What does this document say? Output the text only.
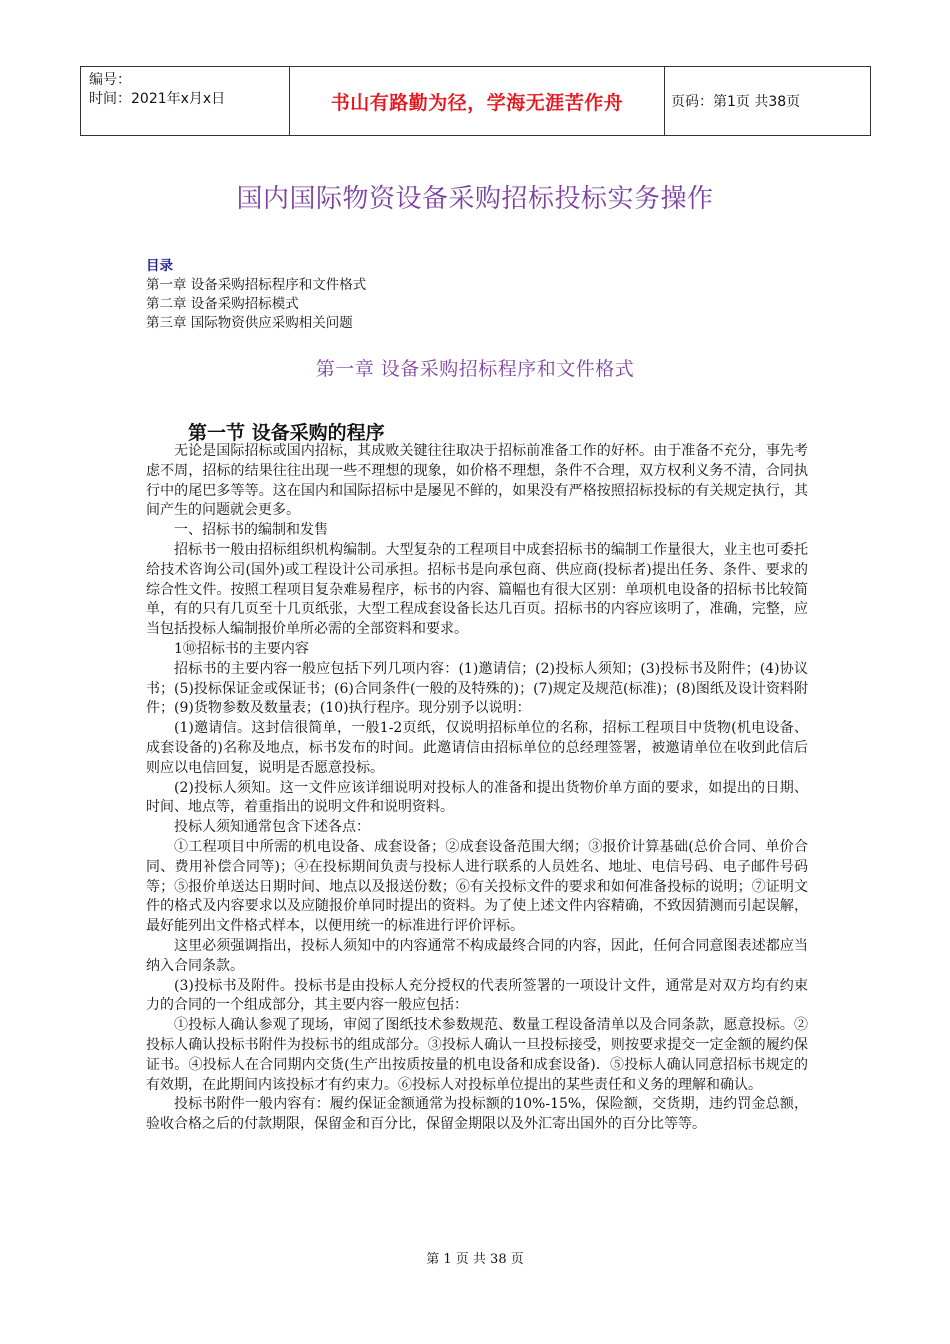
编号：
时间：2021年x月x日	书山有路勤为径，学海无涯苦作舟	页码：第1页 共38页
国内国际物资设备采购招标投标实务操作
目录
第一章 设备采购招标程序和文件格式
第二章 设备采购招标模式
第三章 国际物资供应采购相关问题
第一章 设备采购招标程序和文件格式
第一节 设备采购的程序

无论是国际招标或国内招标，其成败关键往往取决于招标前准备工作的好杯。由于准备不充分，事先考虑不周，招标的结果往往出现一些不理想的现象，如价格不理想，条件不合理，双方权利义务不清，合同执行中的尾巴多等等。这在国内和国际招标中是屡见不鲜的，如果没有严格按照招标投标的有关规定执行，其间产生的问题就会更多。

一、招标书的编制和发售

招标书一般由招标组织机构编制。大型复杂的工程项目中成套招标书的编制工作量很大，业主也可委托给技术咨询公司(国外)或工程设计公司承担。招标书是向承包商、供应商(投标者)提出任务、条件、要求的综合性文件。按照工程项目复杂难易程序，标书的内容、篇幅也有很大区别：单项机电设备的招标书比较简单，有的只有几页至十几页纸张，大型工程成套设备长达几百页。招标书的内容应该明了，准确，完整，应当包括投标人编制报价单所必需的全部资料和要求。

1⑩招标书的主要内容

招标书的主要内容一般应包括下列几项内容：(1)邀请信；(2)投标人须知；(3)投标书及附件；(4)协议书；(5)投标保证金或保证书；(6)合同条件(一般的及特殊的)；(7)规定及规范(标准)；(8)图纸及设计资料附件；(9)货物参数及数量表；(10)执行程序。现分别予以说明：

(1)邀请信。这封信很简单，一般1-2页纸，仅说明招标单位的名称，招标工程项目中货物(机电设备、成套设备的)名称及地点，标书发布的时间。此邀请信由招标单位的总经理签署，被邀请单位在收到此信后则应以电信回复，说明是否愿意投标。

(2)投标人须知。这一文件应该详细说明对投标人的准备和提出货物价单方面的要求，如提出的日期、时间、地点等，着重指出的说明文件和说明资料。

投标人须知通常包含下述各点：

①工程项目中所需的机电设备、成套设备；②成套设备范围大纲；③报价计算基础(总价合同、单价合同、费用补偿合同等)；④在投标期间负责与投标人进行联系的人员姓名、地址、电信号码、电子邮件号码等；⑤报价单送达日期时间、地点以及报送份数；⑥有关投标文件的要求和如何准备投标的说明；⑦证明文件的格式及内容要求以及应随报价单同时提出的资料。为了使上述文件内容精确，不致因猜测而引起误解，最好能列出文件格式样本，以便用统一的标准进行评价评标。

这里必须强调指出，投标人须知中的内容通常不构成最终合同的内容，因此，任何合同意图表述都应当纳入合同条款。

(3)投标书及附件。投标书是由投标人充分授权的代表所签署的一项设计文件，通常是对双方均有约束力的合同的一个组成部分，其主要内容一般应包括：

①投标人确认参观了现场，审阅了图纸技术参数规范、数量工程设备清单以及合同条款，愿意投标。②投标人确认投标书附件为投标书的组成部分。③投标人确认一旦投标接受，则按要求提交一定金额的履约保证书。④投标人在合同期内交货(生产出按质按量的机电设备和成套设备)．⑤投标人确认同意招标书规定的有效期，在此期间内该投标才有约束力。⑥投标人对投标单位提出的某些责任和义务的理解和确认。

投标书附件一般内容有：履约保证金额通常为投标额的10%-15%，保险额，交货期，违约罚金总额，验收合格之后的付款期限，保留金和百分比，保留金期限以及外汇寄出国外的百分比等等。

第 1 页 共 38 页
